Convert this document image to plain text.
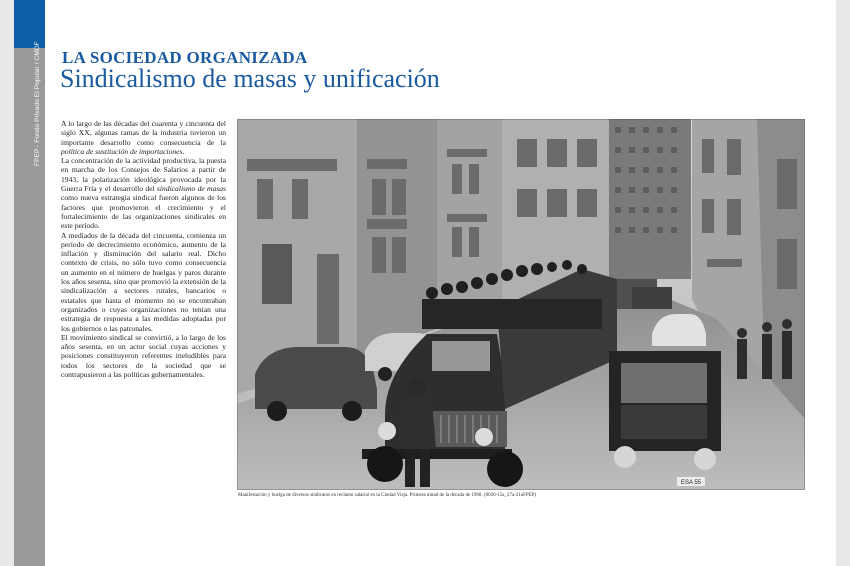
FPEP - Fondo Privado El Popular / CMDF LA SOCIEDAD ORGANIZADA
Sindicalismo de masas y unificación

A lo largo de las décadas del cuarenta y cincuenta del siglo XX, algunas ramas de la industria tuvieron un importante desarrollo como consecuencia de la política de sustitución de importaciones.

La concentración de la actividad productiva, la puesta en marcha de los Consejos de Salarios a partir de 1943, la polarización ideológica provocada por la Guerra Fría y el desarrollo del sindicalismo de masas como nueva estrategia sindical fueron algunos de los factores que promovieron el crecimiento y el fortalecimiento de las organizaciones sindicales en este período.

A mediados de la década del cincuenta, comienza un período de decrecimiento económico, aumento de la inflación y disminución del salario real. Dicho contexto de crisis, no sólo tuvo como consecuencia un aumento en el número de huelgas y paros durante los años sesenta, sino que promovió la extensión de la sindicalización a sectores rurales, bancarios o estatales que hasta el momento no se encontraban organizados o cuyas organizaciones no tenían una estrategia de respuesta a las medidas adoptadas por los gobiernos o las patronales.

El movimiento sindical se convirtió, a lo largo de los años sesenta, en un actor social cuyas acciones y posiciones constituyeron referentes ineludibles para todos los sectores de la sociedad que se contrapusieron a las políticas gubernamentales.

ESA 55
Manifestación y huelga de diversos sindicatos en reclamo salarial en la Ciudad Vieja. Primera mitad de la década de 1960. (0036-15a_27a-21aFPEP)
